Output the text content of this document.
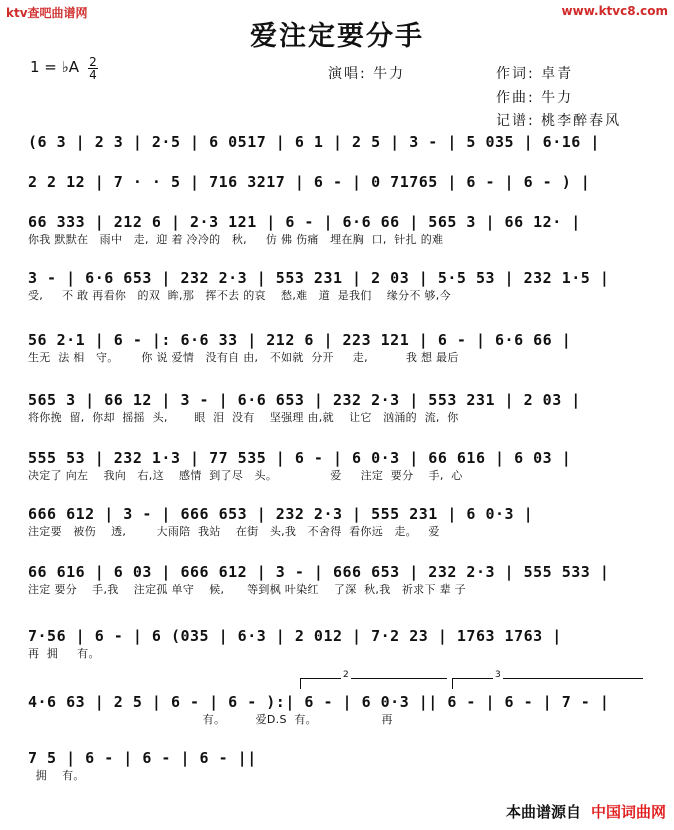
ktv查吧曲谱网	www.ktvc8.com
爱注定要分手
1 = ♭A 2
4	演唱: 牛力	作词: 卓青
作曲: 牛力
记谱: 桃李醉春风
(6 3 | 2 3 | 2·5 | 6 0517 | 6 1 | 2 5 | 3 - | 5 035 | 6·16 |
2 2 12 | 7 · · 5 | 716 3217 | 6 - | 0 71765 | 6 - | 6 - ) |
66 333 | 212 6 | 2·3 121 | 6 - | 6·6 66 | 565 3 | 66 12· |
你我 默默在   雨中   走,  迎 着 冷冷的   秋,     仿 佛 伤痛   埋在胸  口,  针扎 的难
3 - | 6·6 653 | 232 2·3 | 553 231 | 2 03 | 5·5 53 | 232 1·5 |
受,     不 敢 再看你   的双  眸,那   挥不去 的哀    愁,难   道  是我们    缘分不 够,今
56 2·1 | 6 - |: 6·6 33 | 212 6 | 223 121 | 6 - | 6·6 66 |
生无  法 相   守。      你 说 爱情   没有自 由,   不如就  分开     走,          我 想 最后
565 3 | 66 12 | 3 - | 6·6 653 | 232 2·3 | 553 231 | 2 03 |
将你挽  留,  你却  摇摇  头,       眼  泪  没有    坚强理 由,就    让它   汹涌的  流,  你
555 53 | 232 1·3 | 77 535 | 6 - | 6 0·3 | 66 616 | 6 03 |
决定了 向左    我向   右,这    感情  到了尽   头。              爱     注定  要分    手,  心
666 612 | 3 - | 666 653 | 232 2·3 | 555 231 | 6 0·3 |
注定要   被伤    透,        大雨陪  我站    在街   头,我   不舍得  看你远   走。   爱
66 616 | 6 03 | 666 612 | 3 - | 666 653 | 232 2·3 | 555 533 |
注定 要分    手,我    注定孤 单守    候,      等到枫 叶染红    了深  秋,我   祈求下 辈 子
7·56 | 6 - | 6 (035 | 6·3 | 2 012 | 7·2 23 | 1763 1763 |
再  拥     有。
2	3
4·6 63 | 2 5 | 6 - | 6 - ):| 6 - | 6 0·3 || 6 - | 6 - | 7 - |
有。        爱D.S  有。                 再
7 5 | 6 - | 6 - | 6 - ||
拥    有。
本曲谱源自 中国词曲网
